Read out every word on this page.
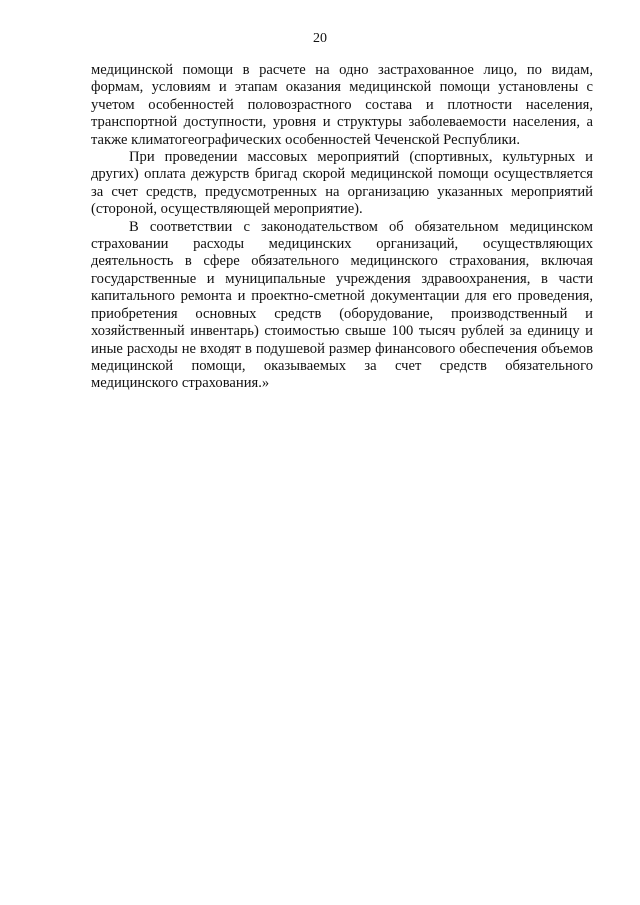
20

медицинской помощи в расчете на одно застрахованное лицо, по видам, формам, условиям и этапам оказания медицинской помощи установлены с учетом особенностей половозрастного состава и плотности населения, транспортной доступности, уровня и структуры заболеваемости населения, а также климатогеографических особенностей Чеченской Республики.

При проведении массовых мероприятий (спортивных, культурных и других) оплата дежурств бригад скорой медицинской помощи осуществляется за счет средств, предусмотренных на организацию указанных мероприятий (стороной, осуществляющей мероприятие).

В соответствии с законодательством об обязательном медицинском страховании расходы медицинских организаций, осуществляющих деятельность в сфере обязательного медицинского страхования, включая государственные и муниципальные учреждения здравоохранения, в части капитального ремонта и проектно-сметной документации для его проведения, приобретения основных средств (оборудование, производственный и хозяйственный инвентарь) стоимостью свыше 100 тысяч рублей за единицу и иные расходы не входят в подушевой размер финансового обеспечения объемов медицинской помощи, оказываемых за счет средств обязательного медицинского страхования.»
